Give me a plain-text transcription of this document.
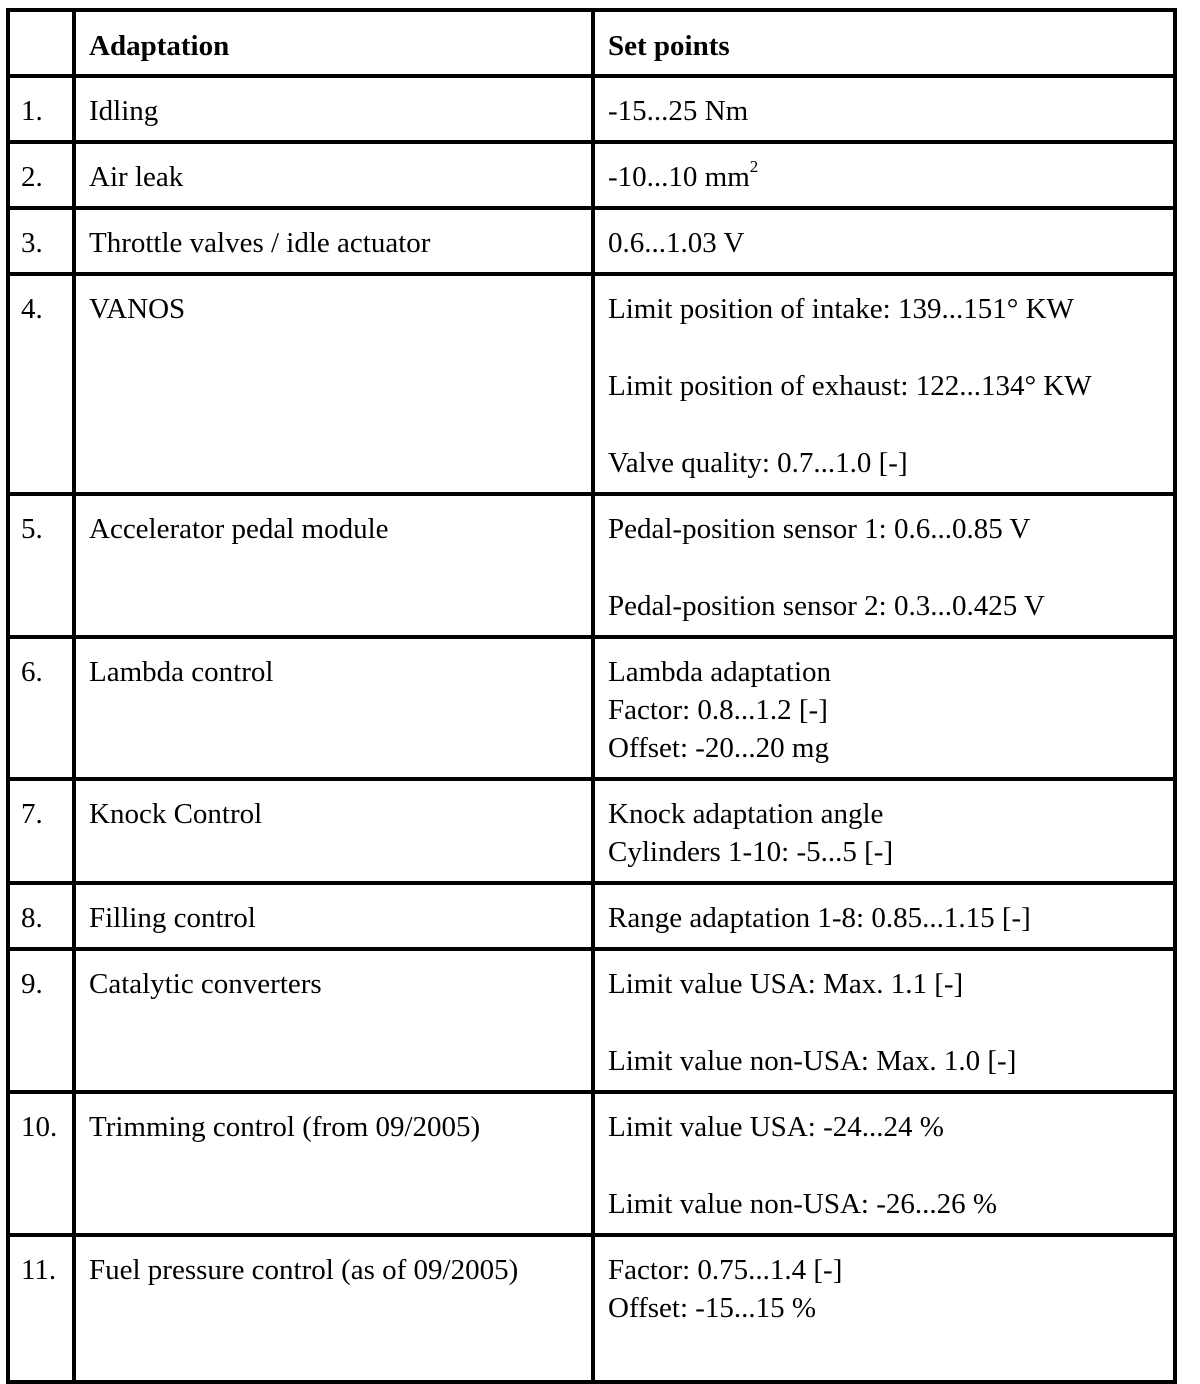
	Adaptation	Set points
1.	Idling	-15...25 Nm

2.	Air leak	-10...10 $mm^2$

3.	Throttle valves / idle actuator	0.6...1.03 V

4.	VANOS	Limit position of intake: 139...151° KW
Limit position of exhaust: 122...134° KW
Valve quality: 0.7...1.0 [-]

5.	Accelerator pedal module	Pedal-position sensor 1: 0.6...0.85 V
Pedal-position sensor 2: 0.3...0.425 V

6.	Lambda control	Lambda adaptation
Factor: 0.8...1.2 [-]
Offset: -20...20 mg

7.	Knock Control	Knock adaptation angle
Cylinders 1-10: -5...5 [-]

8.	Filling control	Range adaptation 1-8: 0.85...1.15 [-]

9.	Catalytic converters	Limit value USA: Max. 1.1 [-]
Limit value non-USA: Max. 1.0 [-]

10.	Trimming control (from 09/2005)	Limit value USA: -24...24 %
Limit value non-USA: -26...26 %

11.	Fuel pressure control (as of 09/2005)	Factor: 0.75...1.4 [-]
Offset: -15...15 %
